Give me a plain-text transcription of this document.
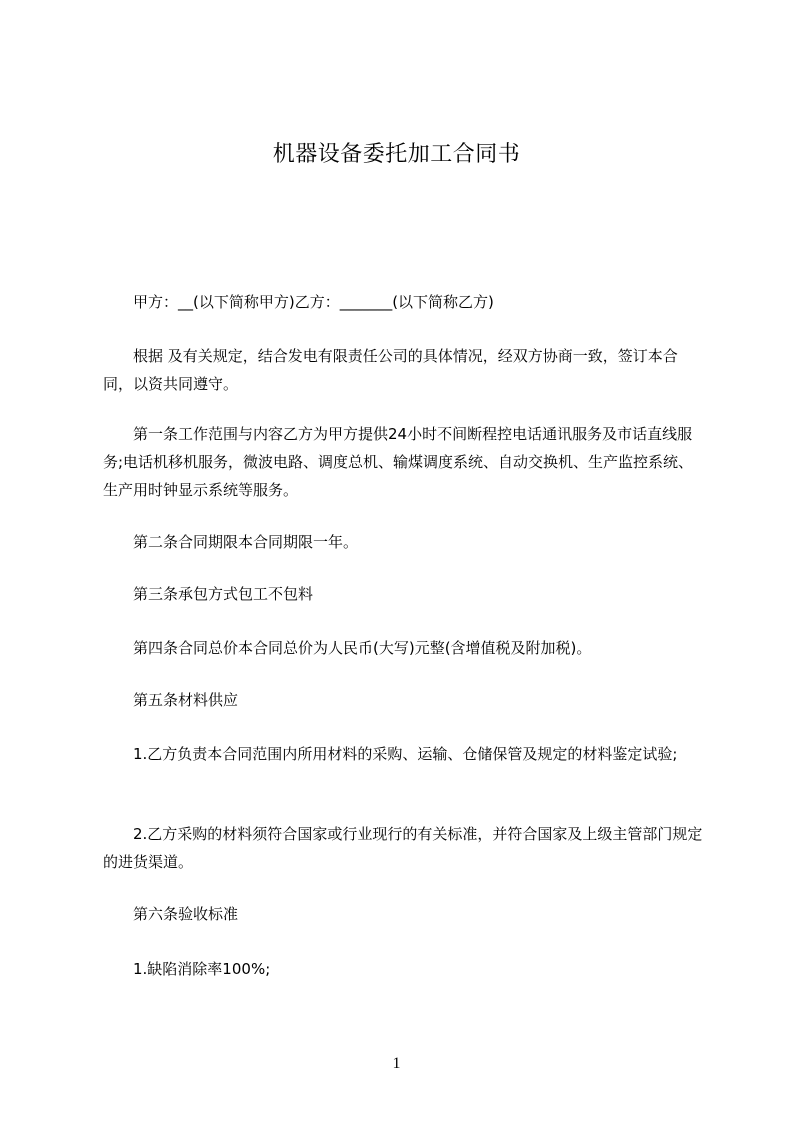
机器设备委托加工合同书
甲方：__(以下简称甲方)乙方：_______(以下简称乙方)
根据 及有关规定，结合发电有限责任公司的具体情况，经双方协商一致，签订本合同，以资共同遵守。
第一条工作范围与内容乙方为甲方提供24小时不间断程控电话通讯服务及市话直线服务;电话机移机服务，微波电路、调度总机、输煤调度系统、自动交换机、生产监控系统、生产用时钟显示系统等服务。
第二条合同期限本合同期限一年。
第三条承包方式包工不包料
第四条合同总价本合同总价为人民币(大写)元整(含增值税及附加税)。
第五条材料供应
1.乙方负责本合同范围内所用材料的采购、运输、仓储保管及规定的材料鉴定试验;
2.乙方采购的材料须符合国家或行业现行的有关标准，并符合国家及上级主管部门规定的进货渠道。
第六条验收标准
1.缺陷消除率100%;
1
